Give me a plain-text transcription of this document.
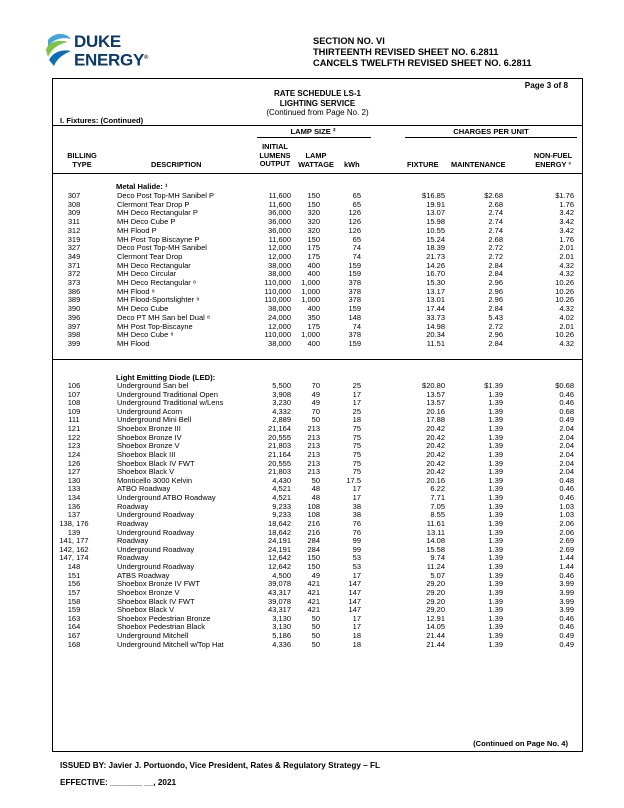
DUKE
ENERGY®
SECTION NO. VI
THIRTEENTH REVISED SHEET NO. 6.2811
CANCELS TWELFTH REVISED SHEET NO. 6.2811
Page 3 of 8
RATE SCHEDULE LS-1
LIGHTING SERVICE
(Continued from Page No. 2)
I. Fixtures: (Continued)
LAMP SIZE ²	CHARGES PER UNIT
BILLING
TYPE	DESCRIPTION
INITIAL
LUMENS
OUTPUT
LAMP
WATTAGE kWh	FIXTURE MAINTENANCE
NON-FUEL
ENERGY ³
Metal Halide: ¹
307	Deco Post Top-MH Sanibel P	11,600	150	65	$16.85	$2.68	$1.76
308	Clermont Tear Drop P	11,600	150	65	19.91	2.68	1.76
309	MH Deco Rectangular P	36,000	320	126	13.07	2.74	3.42
311	MH Deco Cube P	36,000	320	126	15.98	2.74	3.42
312	MH Flood P	36,000	320	126	10.55	2.74	3.42
319	MH Post Top Biscayne P	11,600	150	65	15.24	2.68	1.76
327	Deco Post Top-MH Sanibel	12,000	175	74	18.39	2.72	2.01
349	Clermont Tear Drop	12,000	175	74	21.73	2.72	2.01
371	MH Deco Rectangular	38,000	400	159	14.26	2.84	4.32
372	MH Deco Circular	38,000	400	159	16.70	2.84	4.32
373	MH Deco Rectangular ⁸	110,000	1,000	378	15.30	2.96	10.26
386	MH Flood ⁸	110,000	1,000	378	13.17	2.96	10.26
389	MH Flood-Sportslighter ⁸	110,000	1,000	378	13.01	2.96	10.26
390	MH Deco Cube	38,000	400	159	17.44	2.84	4.32
396	Deco PT MH San bel Dual ⁸	24,000	350	148	33.73	5.43	4.02
397	MH Post Top-Biscayne	12,000	175	74	14.98	2.72	2.01
398	MH Deco Cube ⁸	110,000	1,000	378	20.34	2.96	10.26
399	MH Flood	38,000	400	159	11.51	2.84	4.32
Light Emitting Diode (LED):
106	Underground San bel	5,500	70	25	$20.80	$1.39	$0.68
107	Underground Traditional Open	3,908	49	17	13.57	1.39	0.46
108	Underground Traditional w/Lens	3,230	49	17	13.57	1.39	0.46
109	Underground Acorn	4,332	70	25	20.16	1.39	0.68
111	Underground Mini Bell	2,889	50	18	17.88	1.39	0.49
121	Shoebox Bronze III	21,164	213	75	20.42	1.39	2.04
122	Shoebox Bronze IV	20,555	213	75	20.42	1.39	2.04
123	Shoebox Bronze V	21,803	213	75	20.42	1.39	2.04
124	Shoebox Black III	21,164	213	75	20.42	1.39	2.04
126	Shoebox Black IV FWT	20,555	213	75	20.42	1.39	2.04
127	Shoebox Black V	21,803	213	75	20.42	1.39	2.04
130	Monticello 3000 Kelvin	4,430	50	17.5	20.16	1.39	0.48
133	ATBO Roadway	4,521	48	17	6.22	1.39	0.46
134	Underground ATBO Roadway	4,521	48	17	7.71	1.39	0.46
136	Roadway	9,233	108	38	7.05	1.39	1.03
137	Underground Roadway	9,233	108	38	8.55	1.39	1.03
138, 176	Roadway	18,642	216	76	11.61	1.39	2.06
139	Underground Roadway	18,642	216	76	13.11	1.39	2.06
141, 177	Roadway	24,191	284	99	14.08	1.39	2.69
142, 162	Underground Roadway	24,191	284	99	15.58	1.39	2.69
147, 174	Roadway	12,642	150	53	9.74	1.39	1.44
148	Underground Roadway	12,642	150	53	11.24	1.39	1.44
151	ATBS Roadway	4,500	49	17	5.07	1.39	0.46
156	Shoebox Bronze IV FWT	39,078	421	147	29.20	1.39	3.99
157	Shoebox Bronze V	43,317	421	147	29.20	1.39	3.99
158	Shoebox Black IV FWT	39,078	421	147	29.20	1.39	3.99
159	Shoebox Black V	43,317	421	147	29.20	1.39	3.99
163	Shoebox Pedestrian Bronze	3,130	50	17	12.91	1.39	0.46
164	Shoebox Pedestrian Black	3,130	50	17	14.05	1.39	0.46
167	Underground Mitchell	5,186	50	18	21.44	1.39	0.49
168	Underground Mitchell w/Top Hat	4,336	50	18	21.44	1.39	0.49
(Continued on Page No. 4)
ISSUED BY: Javier J. Portuondo, Vice President, Rates & Regulatory Strategy – FL
EFFECTIVE: _______ __, 2021
